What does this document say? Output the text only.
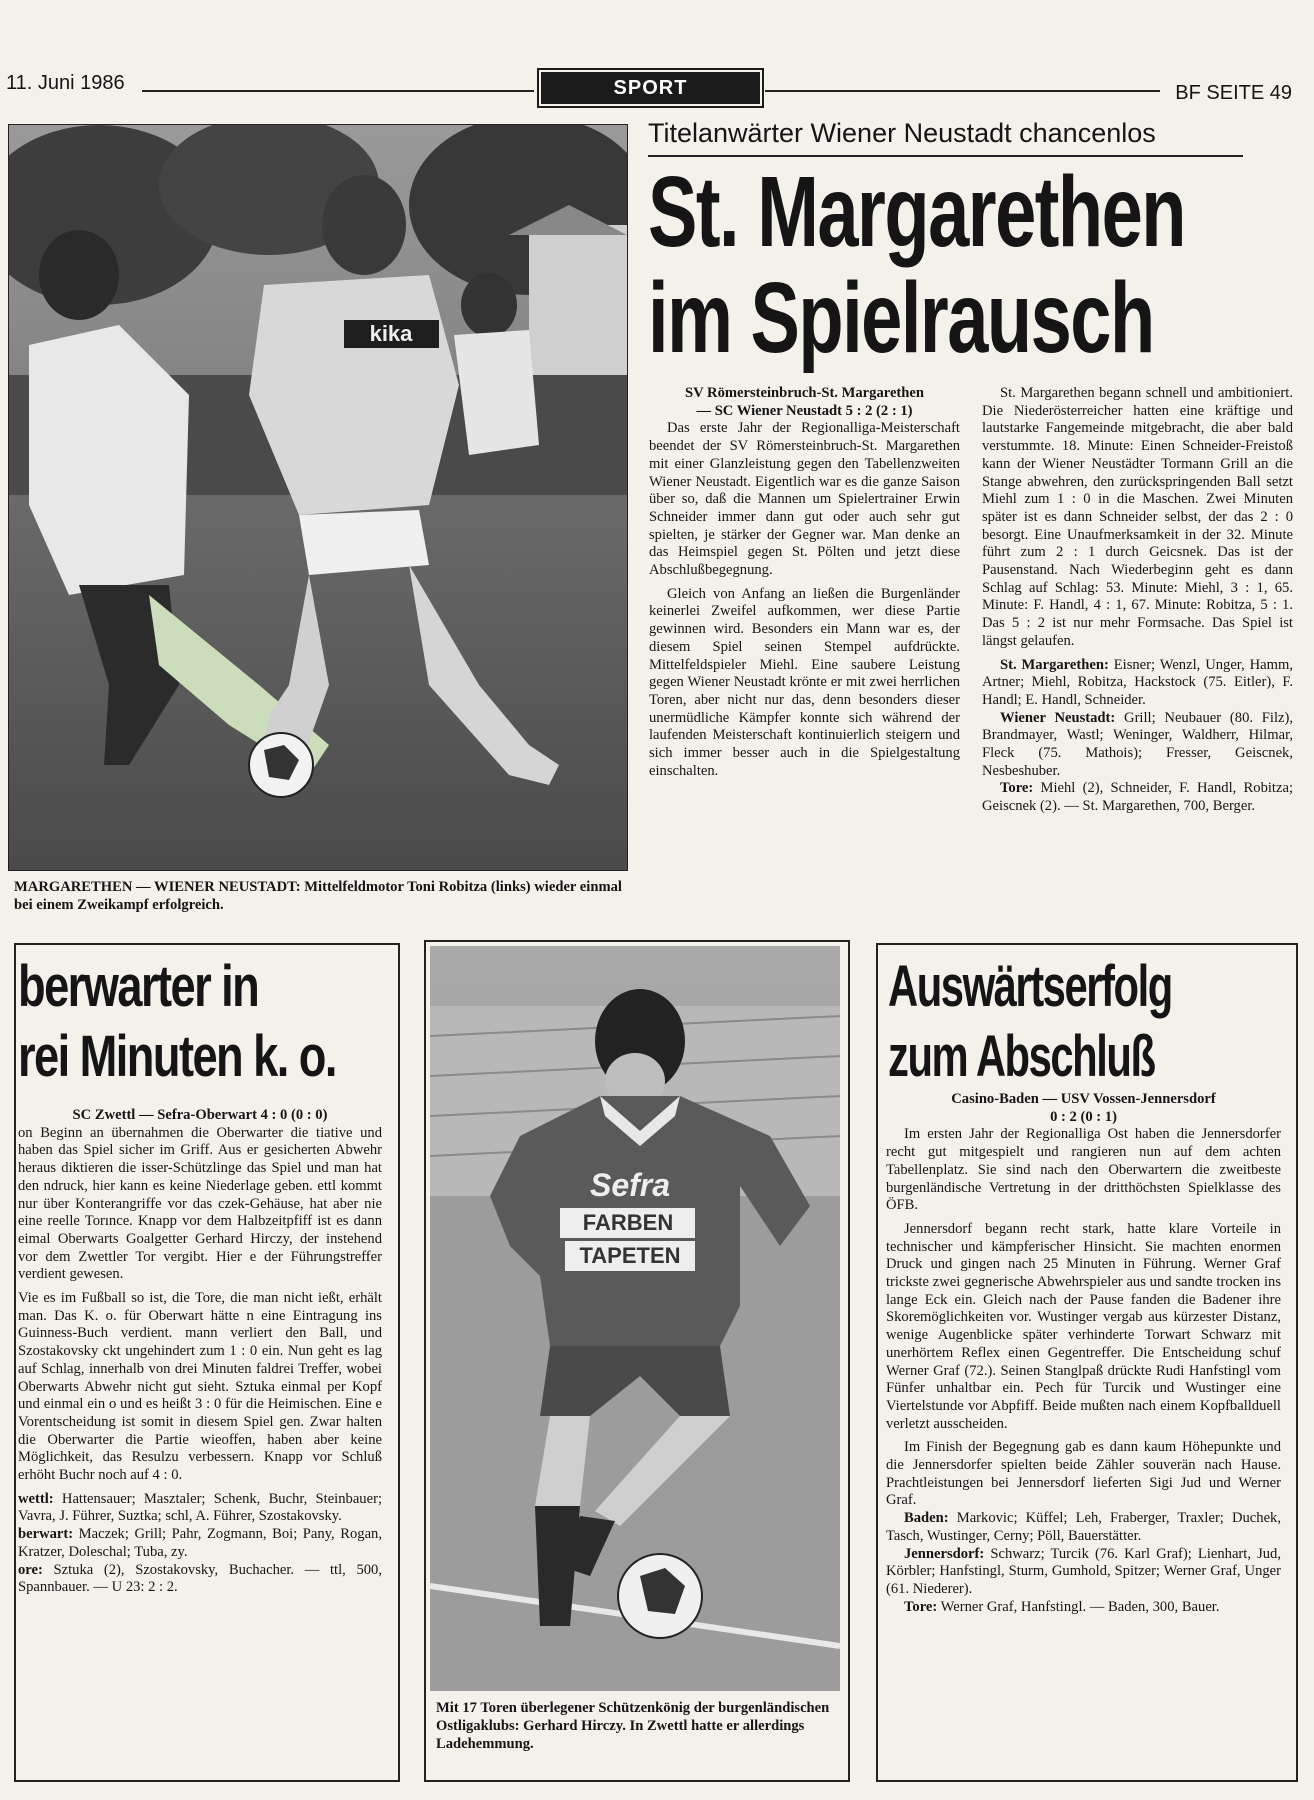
11. Juni 1986	SPORT	BF SEITE 49
kika
MARGARETHEN — WIENER NEUSTADT: Mittelfeldmotor Toni Robitza (links) wieder einmal bei einem Zweikampf erfolgreich.
Titelanwärter Wiener Neustadt chancenlos
St. Margarethen
im Spielrausch

SV Römersteinbruch-St. Margarethen

— SC Wiener Neustadt 5 : 2 (2 : 1)

Das erste Jahr der Regionalliga-Meisterschaft beendet der SV Römersteinbruch-St. Margarethen mit einer Glanzleistung gegen den Tabellenzweiten Wiener Neustadt. Eigentlich war es die ganze Saison über so, daß die Mannen um Spielertrainer Erwin Schneider immer dann gut oder auch sehr gut spielten, je stärker der Gegner war. Man denke an das Heimspiel gegen St. Pölten und jetzt diese Abschlußbegegnung.

Gleich von Anfang an ließen die Burgenländer keinerlei Zweifel aufkommen, wer diese Partie gewinnen wird. Besonders ein Mann war es, der diesem Spiel seinen Stempel aufdrückte. Mittelfeldspieler Miehl. Eine saubere Leistung gegen Wiener Neustadt krönte er mit zwei herrlichen Toren, aber nicht nur das, denn besonders dieser unermüdliche Kämpfer konnte sich während der laufenden Meisterschaft kontinuierlich steigern und sich immer besser auch in die Spielgestaltung einschalten.

St. Margarethen begann schnell und ambitioniert. Die Niederösterreicher hatten eine kräftige und lautstarke Fangemeinde mitgebracht, die aber bald verstummte. 18. Minute: Einen Schneider-Freistoß kann der Wiener Neustädter Tormann Grill an die Stange abwehren, den zurückspringenden Ball setzt Miehl zum 1 : 0 in die Maschen. Zwei Minuten später ist es dann Schneider selbst, der das 2 : 0 besorgt. Eine Unaufmerksamkeit in der 32. Minute führt zum 2 : 1 durch Geicsnek. Das ist der Pausenstand. Nach Wiederbeginn geht es dann Schlag auf Schlag: 53. Minute: Miehl, 3 : 1, 65. Minute: F. Handl, 4 : 1, 67. Minute: Robitza, 5 : 1. Das 5 : 2 ist nur mehr Formsache. Das Spiel ist längst gelaufen.

St. Margarethen: Eisner; Wenzl, Unger, Hamm, Artner; Miehl, Robitza, Hackstock (75. Eitler), F. Handl; E. Handl, Schneider.

Wiener Neustadt: Grill; Neubauer (80. Filz), Brandmayer, Wastl; Weninger, Waldherr, Hilmar, Fleck (75. Mathois); Fresser, Geiscnek, Nesbeshuber.

Tore: Miehl (2), Schneider, F. Handl, Robitza; Geiscnek (2). — St. Margarethen, 700, Berger.

berwarter in
rei Minuten k. o.

SC Zwettl — Sefra-Oberwart 4 : 0 (0 : 0)

on Beginn an übernahmen die Oberwarter die tiative und haben das Spiel sicher im Griff. Aus er gesicherten Abwehr heraus diktieren die isser-Schützlinge das Spiel und man hat den ndruck, hier kann es keine Niederlage geben. ettl kommt nur über Konterangriffe vor das czek-Gehäuse, hat aber nie eine reelle Torınce. Knapp vor dem Halbzeitpfiff ist es dann eimal Oberwarts Goalgetter Gerhard Hirczy, der instehend vor dem Zwettler Tor vergibt. Hier e der Führungstreffer verdient gewesen.

Vie es im Fußball so ist, die Tore, die man nicht ießt, erhält man. Das K. o. für Oberwart hätte n eine Eintragung ins Guinness-Buch verdient. mann verliert den Ball, und Szostakovsky ckt ungehindert zum 1 : 0 ein. Nun geht es lag auf Schlag, innerhalb von drei Minuten faldrei Treffer, wobei Oberwarts Abwehr nicht gut sieht. Sztuka einmal per Kopf und einmal ein o und es heißt 3 : 0 für die Heimischen. Eine e Vorentscheidung ist somit in diesem Spiel gen. Zwar halten die Oberwarter die Partie wieoffen, haben aber keine Möglichkeit, das Resulzu verbessern. Knapp vor Schluß erhöht Buchr noch auf 4 : 0.

wettl: Hattensauer; Masztaler; Schenk, Buchr, Steinbauer; Vavra, J. Führer, Suztka; schl, A. Führer, Szostakovsky.

berwart: Maczek; Grill; Pahr, Zogmann, Boi; Pany, Rogan, Kratzer, Doleschal; Tuba, zy.

ore: Sztuka (2), Szostakovsky, Buchacher. — ttl, 500, Spannbauer. — U 23: 2 : 2.

Sefra
FARBEN
TAPETEN
Mit 17 Toren überlegener Schützenkönig der burgenländischen Ostligaklubs: Gerhard Hirczy. In Zwettl hatte er allerdings Ladehemmung.
Auswärtserfolg
zum Abschluß

Casino-Baden — USV Vossen-Jennersdorf

0 : 2 (0 : 1)

Im ersten Jahr der Regionalliga Ost haben die Jennersdorfer recht gut mitgespielt und rangieren nun auf dem achten Tabellenplatz. Sie sind nach den Oberwartern die zweitbeste burgenländische Vertretung in der dritthöchsten Spielklasse des ÖFB.

Jennersdorf begann recht stark, hatte klare Vorteile in technischer und kämpferischer Hinsicht. Sie machten enormen Druck und gingen nach 25 Minuten in Führung. Werner Graf trickste zwei gegnerische Abwehrspieler aus und sandte trocken ins lange Eck ein. Gleich nach der Pause fanden die Badener ihre Skoremöglichkeiten vor. Wustinger vergab aus kürzester Distanz, wenige Augenblicke später verhinderte Torwart Schwarz mit unerhörtem Reflex einen Gegentreffer. Die Entscheidung schuf Werner Graf (72.). Seinen Stanglpaß drückte Rudi Hanfstingl vom Fünfer unhaltbar ein. Pech für Turcik und Wustinger eine Viertelstunde vor Abpfiff. Beide mußten nach einem Kopfballduell verletzt ausscheiden.

Im Finish der Begegnung gab es dann kaum Höhepunkte und die Jennersdorfer spielten beide Zähler souverän nach Hause. Prachtleistungen bei Jennersdorf lieferten Sigi Jud und Werner Graf.

Baden: Markovic; Küffel; Leh, Fraberger, Traxler; Duchek, Tasch, Wustinger, Cerny; Pöll, Bauerstätter.

Jennersdorf: Schwarz; Turcik (76. Karl Graf); Lienhart, Jud, Körbler; Hanfstingl, Sturm, Gumhold, Spitzer; Werner Graf, Unger (61. Niederer).

Tore: Werner Graf, Hanfstingl. — Baden, 300, Bauer.
